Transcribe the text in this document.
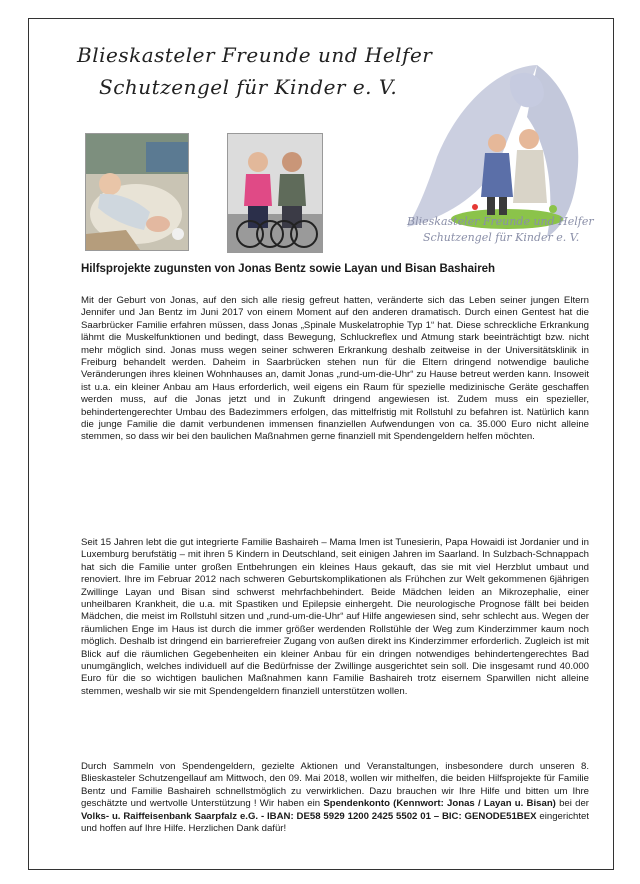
Blieskasteler Freunde und Helfer
Schutzengel für Kinder e. V.
Blieskasteler Freunde und Helfer
Schutzengel für Kinder e. V.
Hilfsprojekte zugunsten von Jonas Bentz sowie Layan und Bisan Bashaireh

Mit der Geburt von Jonas, auf den sich alle riesig gefreut hatten, veränderte sich das Leben seiner jungen Eltern Jennifer und Jan Bentz im Juni 2017 von einem Moment auf den anderen dramatisch. Durch einen Gentest hat die Saarbrücker Familie erfahren müssen, dass Jonas „Spinale Muskelatrophie Typ 1“ hat. Diese schreckliche Erkrankung lähmt die Muskelfunktionen und bedingt, dass Bewegung, Schluckreflex und Atmung stark beeinträchtigt bzw. nicht mehr möglich sind. Jonas muss wegen seiner schweren Erkrankung deshalb zeitweise in der Universitätsklinik in Freiburg behandelt werden. Daheim in Saarbrücken stehen nun für die Eltern dringend notwendige bauliche Veränderungen ihres kleinen Wohnhauses an, damit Jonas „rund-um-die-Uhr“ zu Hause betreut werden kann. Insoweit ist u.a. ein kleiner Anbau am Haus erforderlich, weil eigens ein Raum für spezielle medizinische Geräte geschaffen werden muss, auf die Jonas jetzt und in Zukunft dringend angewiesen ist. Zudem muss ein spezieller, behindertengerechter Umbau des Badezimmers erfolgen, das mittelfristig mit Rollstuhl zu befahren ist. Natürlich kann die junge Familie die damit verbundenen immensen finanziellen Aufwendungen von ca. 35.000 Euro nicht alleine stemmen, so dass wir bei den baulichen Maßnahmen gerne finanziell mit Spendengeldern helfen möchten.

Seit 15 Jahren lebt die gut integrierte Familie Bashaireh – Mama Imen ist Tunesierin, Papa Howaidi ist Jordanier und in Luxemburg berufstätig – mit ihren 5 Kindern in Deutschland, seit einigen Jahren im Saarland. In Sulzbach-Schnappach hat sich die Familie unter großen Entbehrungen ein kleines Haus gekauft, das sie mit viel Herzblut umbaut und renoviert. Ihre im Februar 2012 nach schweren Geburtskomplikationen als Frühchen zur Welt gekommenen 6jährigen Zwillinge Layan und Bisan sind schwerst mehrfachbehindert. Beide Mädchen leiden an Mikrozephalie, einer unheilbaren Krankheit, die u.a. mit Spastiken und Epilepsie einhergeht. Die neurologische Prognose fällt bei beiden Mädchen, die meist im Rollstuhl sitzen und „rund-um-die-Uhr“ auf Hilfe angewiesen sind, sehr schlecht aus. Wegen der räumlichen Enge im Haus ist durch die immer größer werdenden Rollstühle der Weg zum Kinderzimmer kaum noch möglich. Deshalb ist dringend ein barrierefreier Zugang von außen direkt ins Kinderzimmer erforderlich. Zugleich ist mit Blick auf die räumlichen Gegebenheiten ein kleiner Anbau für ein dringen notwendiges behindertengerechtes Bad unumgänglich, welches individuell auf die Bedürfnisse der Zwillinge ausgerichtet sein soll. Die insgesamt rund 40.000 Euro für die so wichtigen baulichen Maßnahmen kann Familie Bashaireh trotz eisernem Sparwillen nicht alleine stemmen, weshalb wir sie mit Spendengeldern finanziell unterstützen wollen.

Durch Sammeln von Spendengeldern, gezielte Aktionen und Veranstaltungen, insbesondere durch unseren 8. Blieskasteler Schutzengellauf am Mittwoch, den 09. Mai 2018, wollen wir mithelfen, die beiden Hilfsprojekte für Familie Bentz und Familie Bashaireh schnellstmöglich zu verwirklichen. Dazu brauchen wir Ihre Hilfe und bitten um Ihre geschätzte und wertvolle Unterstützung ! Wir haben ein Spendenkonto (Kennwort: Jonas / Layan u. Bisan) bei der Volks- u. Raiffeisenbank Saarpfalz e.G. - IBAN: DE58 5929 1200 2425 5502 01 – BIC: GENODE51BEX eingerichtet und hoffen auf Ihre Hilfe. Herzlichen Dank dafür!
